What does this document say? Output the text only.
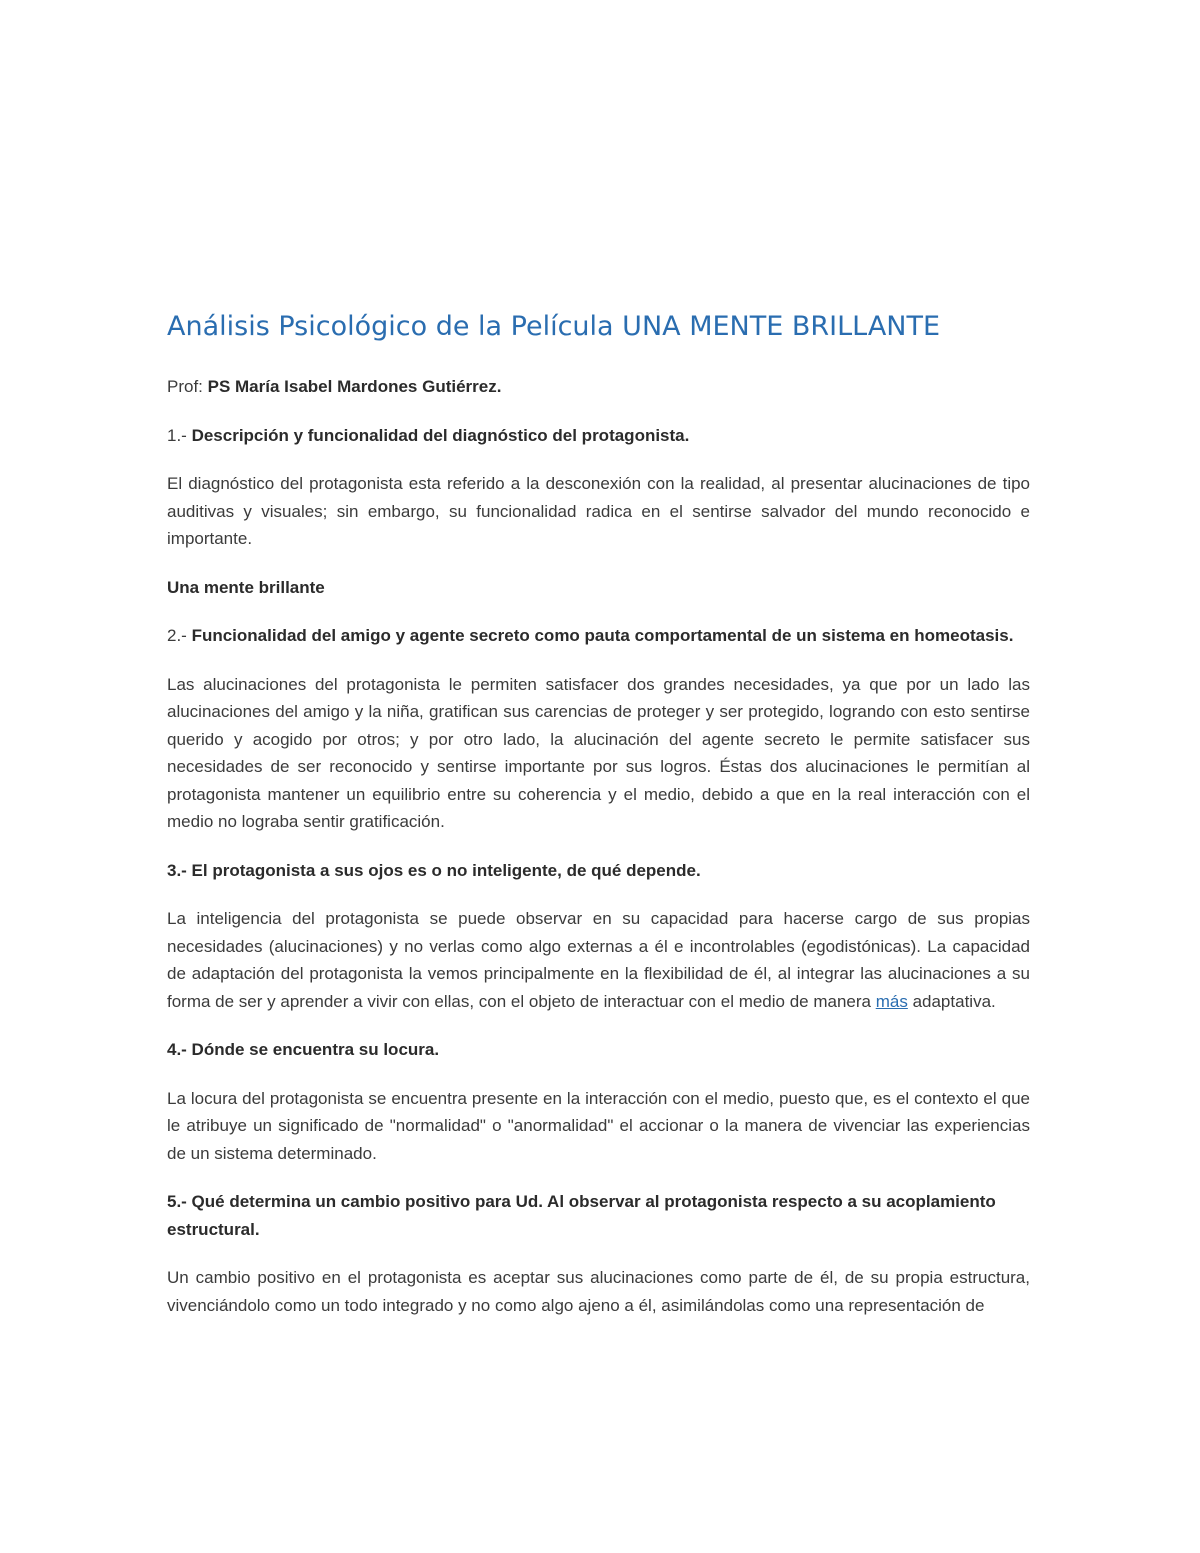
Análisis Psicológico de la Película UNA MENTE BRILLANTE

Prof: PS María Isabel Mardones Gutiérrez.

1.- Descripción y funcionalidad del diagnóstico del protagonista.

El diagnóstico del protagonista esta referido a la desconexión con la realidad, al presentar alucinaciones de tipo auditivas y visuales; sin embargo, su funcionalidad radica en el sentirse salvador del mundo reconocido e importante.

Una mente brillante

2.- Funcionalidad del amigo y agente secreto como pauta comportamental de un sistema en homeotasis.

Las alucinaciones del protagonista le permiten satisfacer dos grandes necesidades, ya que por un lado las alucinaciones del amigo y la niña, gratifican sus carencias de proteger y ser protegido, logrando con esto sentirse querido y acogido por otros; y por otro lado, la alucinación del agente secreto le permite satisfacer sus necesidades de ser reconocido y sentirse importante por sus logros. Éstas dos alucinaciones le permitían al protagonista mantener un equilibrio entre su coherencia y el medio, debido a que en la real interacción con el medio no lograba sentir gratificación.

3.- El protagonista a sus ojos es o no inteligente, de qué depende.

La inteligencia del protagonista se puede observar en su capacidad para hacerse cargo de sus propias necesidades (alucinaciones) y no verlas como algo externas a él e incontrolables (egodistónicas). La capacidad de adaptación del protagonista la vemos principalmente en la flexibilidad de él, al integrar las alucinaciones a su forma de ser y aprender a vivir con ellas, con el objeto de interactuar con el medio de manera más adaptativa.

4.- Dónde se encuentra su locura.

La locura del protagonista se encuentra presente en la interacción con el medio, puesto que, es el contexto el que le atribuye un significado de "normalidad" o "anormalidad" el accionar o la manera de vivenciar las experiencias de un sistema determinado.

5.- Qué determina un cambio positivo para Ud. Al observar al protagonista respecto a su acoplamiento estructural.

Un cambio positivo en el protagonista es aceptar sus alucinaciones como parte de él, de su propia estructura, vivenciándolo como un todo integrado y no como algo ajeno a él, asimilándolas como una representación de
